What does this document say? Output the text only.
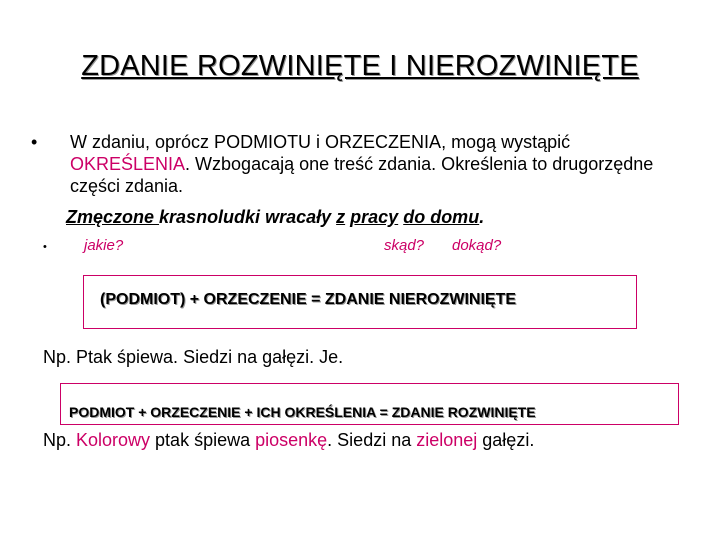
ZDANIE ROZWINIĘTE I NIEROZWINIĘTE
• W zdaniu, oprócz PODMIOTU i ORZECZENIA, mogą wystąpić OKREŚLENIA. Wzbogacają one treść zdania. Określenia to drugorzędne części zdania.
Zmęczone krasnoludki wracały z pracy do domu.
• jakie?	skąd? dokąd?
(PODMIOT) + ORZECZENIE = ZDANIE NIEROZWINIĘTE
Np. Ptak śpiewa. Siedzi na gałęzi. Je.
PODMIOT + ORZECZENIE + ICH OKREŚLENIA = ZDANIE ROZWINIĘTE
Np. Kolorowy ptak śpiewa piosenkę. Siedzi na zielonej gałęzi.
